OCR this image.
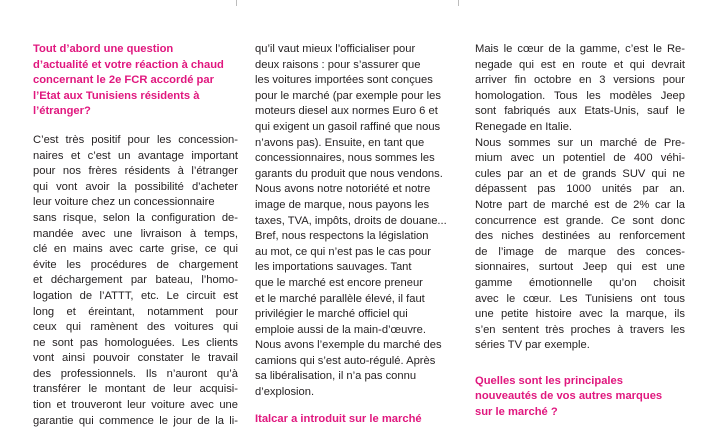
Tout d’abord une question
d’actualité et votre réaction à chaud
concernant le 2e FCR accordé par
l’Etat aux Tunisiens résidents à
l’étranger?
C’est très positif pour les concession-
naires et c’est un avantage important
pour nos frères résidents à l’étranger
qui vont avoir la possibilité d’acheter
leur voiture chez un concessionnaire
sans risque, selon la configuration de-
mandée avec une livraison à temps,
clé en mains avec carte grise, ce qui
évite les procédures de chargement
et déchargement par bateau, l’homo-
logation de l’ATTT, etc. Le circuit est
long et éreintant, notamment pour
ceux qui ramènent des voitures qui
ne sont pas homologuées. Les clients
vont ainsi pouvoir constater le travail
des professionnels. Ils n’auront qu’à
transférer le montant de leur acquisi-
tion et trouveront leur voiture avec une
garantie qui commence le jour de la li-
qu’il vaut mieux l’officialiser pour
deux raisons : pour s’assurer que
les voitures importées sont conçues
pour le marché (par exemple pour les
moteurs diesel aux normes Euro 6 et
qui exigent un gasoil raffiné que nous
n’avons pas). Ensuite, en tant que
concessionnaires, nous sommes les
garants du produit que nous vendons.
Nous avons notre notoriété et notre
image de marque, nous payons les
taxes, TVA, impôts, droits de douane...
Bref, nous respectons la législation
au mot, ce qui n’est pas le cas pour
les importations sauvages. Tant
que le marché est encore preneur
et le marché parallèle élevé, il faut
privilégier le marché officiel qui
emploie aussi de la main-d’œuvre.
Nous avons l’exemple du marché des
camions qui s’est auto-régulé. Après
sa libéralisation, il n’a pas connu
d’explosion.
Italcar a introduit sur le marché
Mais le cœur de la gamme, c’est le Re-
negade qui est en route et qui devrait
arriver fin octobre en 3 versions pour
homologation. Tous les modèles Jeep
sont fabriqués aux Etats-Unis, sauf le
Renegade en Italie.
Nous sommes sur un marché de Pre-
mium avec un potentiel de 400 véhi-
cules par an et de grands SUV qui ne
dépassent pas 1000 unités par an.
Notre part de marché est de 2% car la
concurrence est grande. Ce sont donc
des niches destinées au renforcement
de l’image de marque des conces-
sionnaires, surtout Jeep qui est une
gamme émotionnelle qu’on choisit
avec le cœur. Les Tunisiens ont tous
une petite histoire avec la marque, ils
s’en sentent très proches à travers les
séries TV par exemple.
Quelles sont les principales
nouveautés de vos autres marques
sur le marché ?
